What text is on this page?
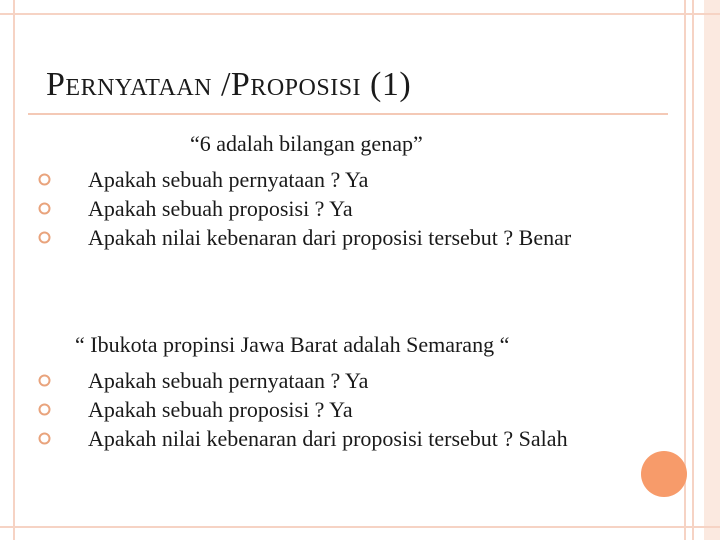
Pernyataan /Proposisi (1)
“6 adalah bilangan genap”
Apakah sebuah pernyataan ? Ya
Apakah sebuah proposisi ? Ya
Apakah nilai kebenaran dari proposisi tersebut ? Benar
“ Ibukota propinsi Jawa Barat adalah Semarang “
Apakah sebuah pernyataan ? Ya
Apakah sebuah proposisi ? Ya
Apakah nilai kebenaran dari proposisi tersebut ? Salah
